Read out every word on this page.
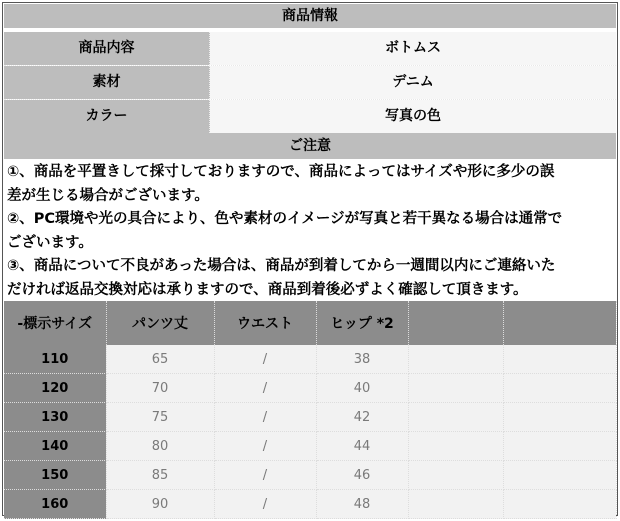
商品情報
商品内容	ボトムス
素材	デニム
カラー	写真の色
ご注意

①、商品を平置きして採寸しておりますので、商品によってはサイズや形に多少の誤

差が生じる場合がございます。

②、PC環境や光の具合により、色や素材のイメージが写真と若干異なる場合は通常で

ございます。

③、商品について不良があった場合は、商品が到着してから一週間以内にご連絡いた

だければ返品交換対応は承りますので、商品到着後必ずよく確認して頂きます。

-標示サイズ	パンツ丈	ウエスト	ヒップ *2		
110	65	/	38		
120	70	/	40		
130	75	/	42		
140	80	/	44		
150	85	/	46		
160	90	/	48		
